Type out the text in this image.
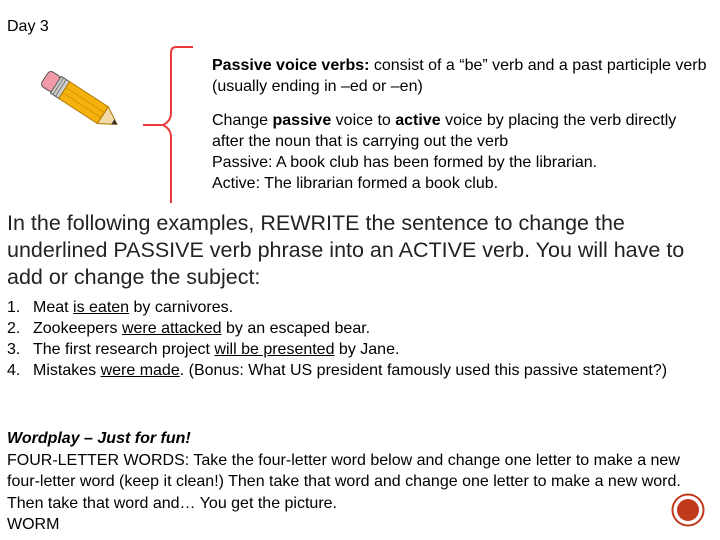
Day 3

Passive voice verbs: consist of a “be” verb and a past participle verb (usually ending in –ed or –en)

Change passive voice to active voice by placing the verb directly after the noun that is carrying out the verb

Passive: A book club has been formed by the librarian.

Active: The librarian formed a book club.

In the following examples, REWRITE the sentence to change the underlined PASSIVE verb phrase into an ACTIVE verb. You will have to add or change the subject:
1. Meat is eaten by carnivores.
2. Zookeepers were attacked by an escaped bear.
3. The first research project will be presented by Jane.
4. Mistakes were made. (Bonus: What US president famously used this passive statement?)
Wordplay – Just for fun!
FOUR-LETTER WORDS: Take the four-letter word below and change one letter to make a new four-letter word (keep it clean!) Then take that word and change one letter to make a new word. Then take that word and… You get the picture.
WORM
